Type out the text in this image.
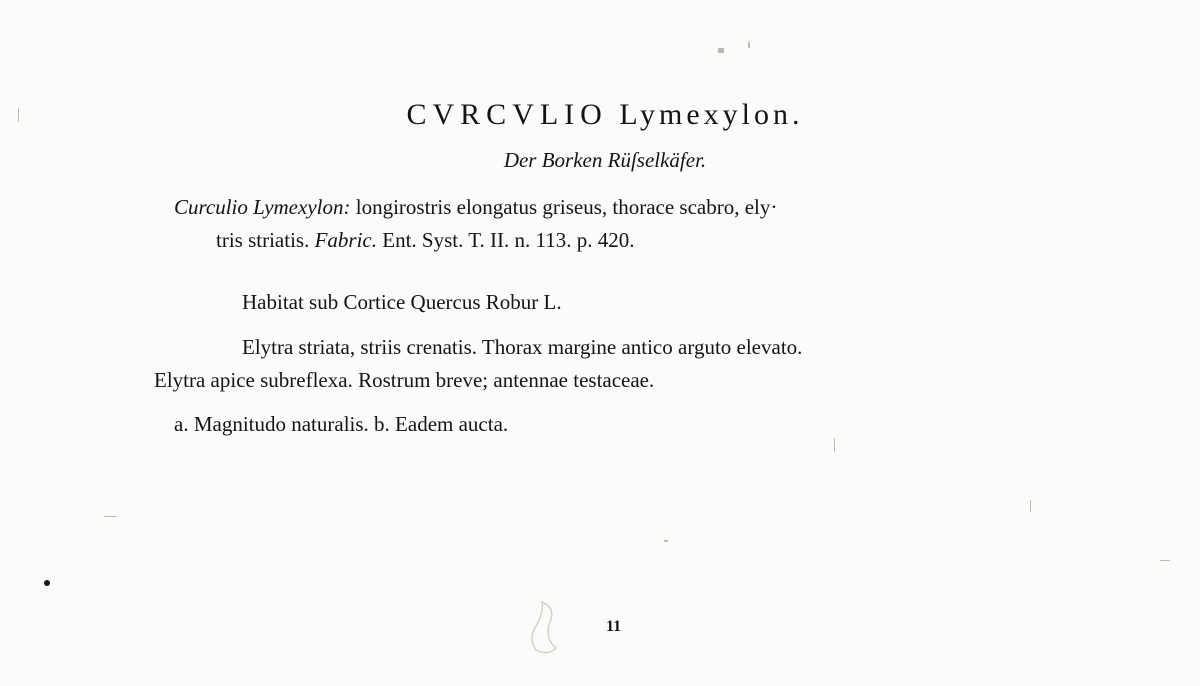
CVRCVLIO Lymexylon.
Der Borken Rüſselkäfer.
Curculio Lymexylon: longirostris elongatus griseus, thorace scabro, ely·
tris striatis. Fabric. Ent. Syst. T. II. n. 113. p. 420.
Habitat sub Cortice Quercus Robur L.
Elytra striata, striis crenatis. Thorax margine antico arguto elevato.
Elytra apice subreflexa. Rostrum breve; antennae testaceae.
a. Magnitudo naturalis. b. Eadem aucta.
11
